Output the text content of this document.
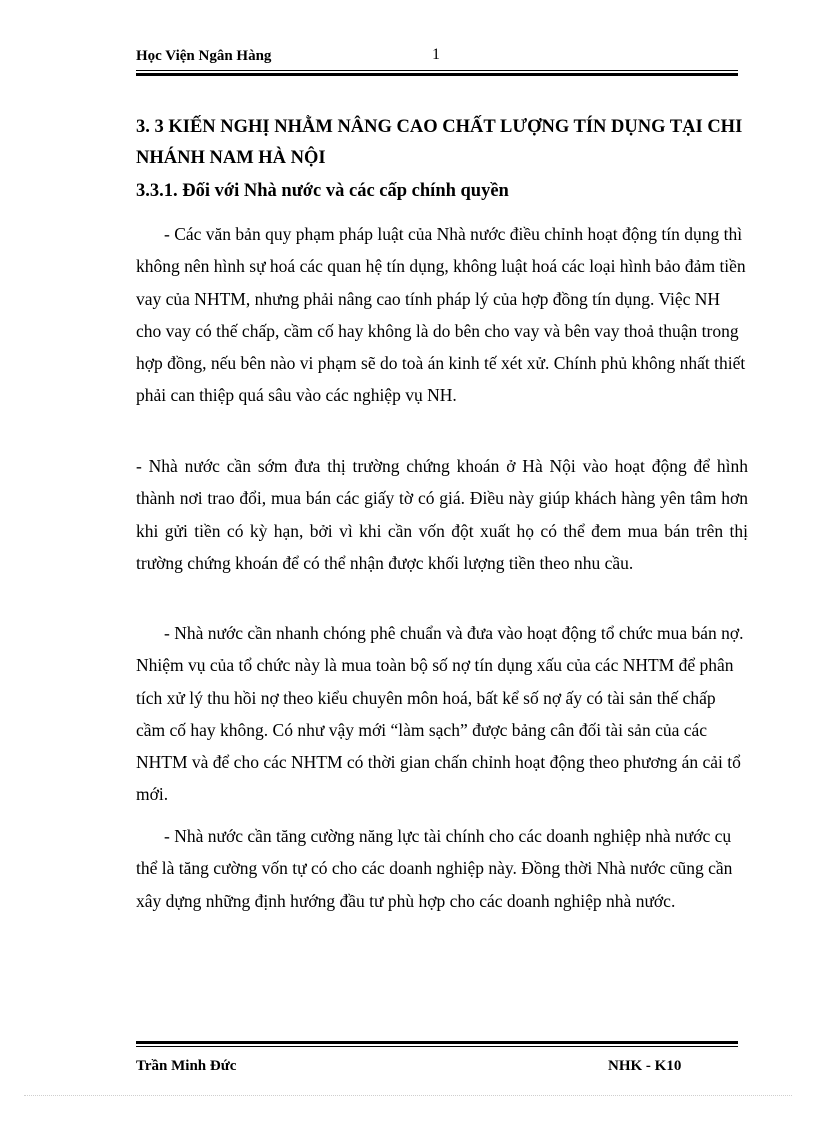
Học Viện Ngân Hàng	1
3. 3 KIẾN NGHỊ NHẰM NÂNG CAO CHẤT LƯỢNG TÍN DỤNG TẠI CHI NHÁNH NAM HÀ NỘI
3.3.1. Đối với Nhà nước và các cấp chính quyền
- Các văn bản quy phạm pháp luật của Nhà nước điều chỉnh hoạt động tín dụng thì không nên hình sự hoá các quan hệ tín dụng, không luật hoá các loại hình bảo đảm tiền vay của NHTM, nhưng phải nâng cao tính pháp lý của hợp đồng tín dụng. Việc NH cho vay có thế chấp, cầm cố hay không là do bên cho vay và bên vay thoả thuận trong hợp đồng, nếu bên nào vi phạm sẽ do toà án kinh tế xét xử. Chính phủ không nhất thiết phải can thiệp quá sâu vào các nghiệp vụ NH.
- Nhà nước cần sớm đưa thị trường chứng khoán ở Hà Nội vào hoạt động để hình thành nơi trao đổi, mua bán các giấy tờ có giá. Điều này giúp khách hàng yên tâm hơn khi gửi tiền có kỳ hạn, bởi vì khi cần vốn đột xuất họ có thể đem mua bán trên thị trường chứng khoán để có thể nhận được khối lượng tiền theo nhu cầu.
- Nhà nước cần nhanh chóng phê chuẩn và đưa vào hoạt động tổ chức mua bán nợ. Nhiệm vụ của tổ chức này là mua toàn bộ số nợ tín dụng xấu của các NHTM để phân tích xử lý thu hồi nợ theo kiểu chuyên môn hoá, bất kể số nợ ấy có tài sản thế chấp cầm cố hay không. Có như vậy mới “làm sạch” được bảng cân đối tài sản của các NHTM và để cho các NHTM có thời gian chấn chỉnh hoạt động theo phương án cải tổ mới.
- Nhà nước cần tăng cường năng lực tài chính cho các doanh nghiệp nhà nước cụ thể là tăng cường vốn tự có cho các doanh nghiệp này. Đồng thời Nhà nước cũng cần xây dựng những định hướng đầu tư phù hợp cho các doanh nghiệp nhà nước.
Trần Minh Đức	NHK - K10
